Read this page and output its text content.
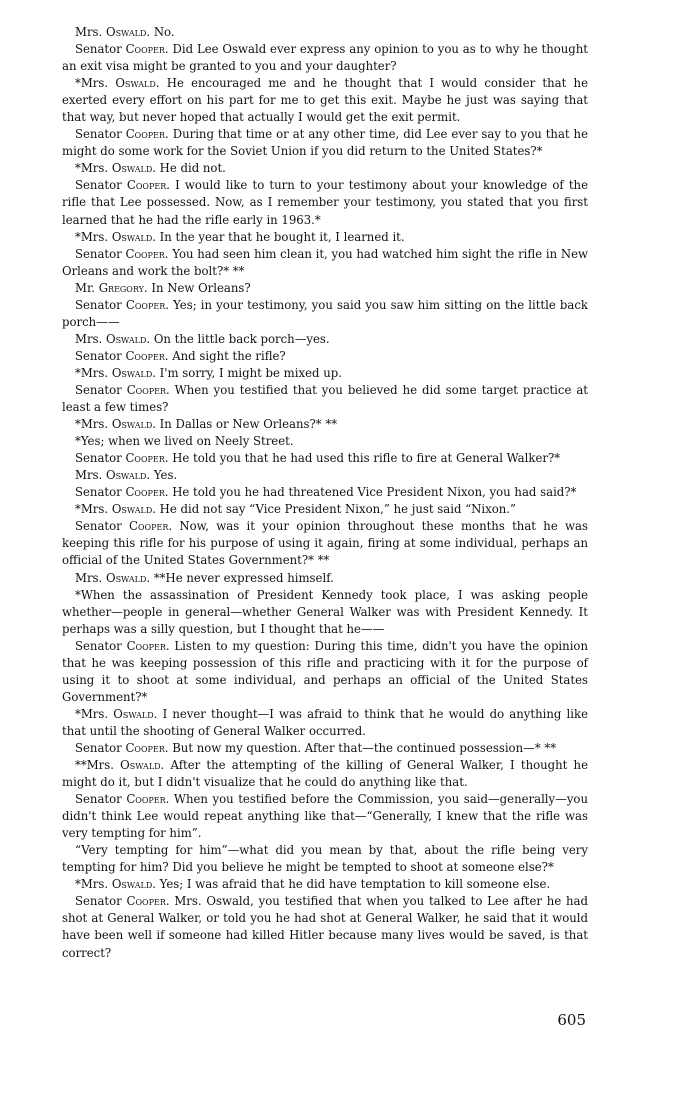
Mrs. Oswald. No.

Senator Cooper. Did Lee Oswald ever express any opinion to you as to why he thought an exit visa might be granted to you and your daughter?

*Mrs. Oswald. He encouraged me and he thought that I would consider that he exerted every effort on his part for me to get this exit. Maybe he just was saying that that way, but never hoped that actually I would get the exit permit.

Senator Cooper. During that time or at any other time, did Lee ever say to you that he might do some work for the Soviet Union if you did return to the United States?*

*Mrs. Oswald. He did not.

Senator Cooper. I would like to turn to your testimony about your knowledge of the rifle that Lee possessed. Now, as I remember your testimony, you stated that you first learned that he had the rifle early in 1963.*

*Mrs. Oswald. In the year that he bought it, I learned it.

Senator Cooper. You had seen him clean it, you had watched him sight the rifle in New Orleans and work the bolt?* **

Mr. Gregory. In New Orleans?

Senator Cooper. Yes; in your testimony, you said you saw him sitting on the little back porch——

Mrs. Oswald. On the little back porch—yes.

Senator Cooper. And sight the rifle?

*Mrs. Oswald. I'm sorry, I might be mixed up.

Senator Cooper. When you testified that you believed he did some target practice at least a few times?

*Mrs. Oswald. In Dallas or New Orleans?* **

*Yes; when we lived on Neely Street.

Senator Cooper. He told you that he had used this rifle to fire at General Walker?*

Mrs. Oswald. Yes.

Senator Cooper. He told you he had threatened Vice President Nixon, you had said?*

*Mrs. Oswald. He did not say “Vice President Nixon,” he just said “Nixon.”

Senator Cooper. Now, was it your opinion throughout these months that he was keeping this rifle for his purpose of using it again, firing at some individual, perhaps an official of the United States Government?* **

Mrs. Oswald. **He never expressed himself.

*When the assassination of President Kennedy took place, I was asking people whether—people in general—whether General Walker was with President Kennedy. It perhaps was a silly question, but I thought that he——

Senator Cooper. Listen to my question: During this time, didn't you have the opinion that he was keeping possession of this rifle and practicing with it for the purpose of using it to shoot at some individual, and perhaps an official of the United States Government?*

*Mrs. Oswald. I never thought—I was afraid to think that he would do anything like that until the shooting of General Walker occurred.

Senator Cooper. But now my question. After that—the continued possession—* **

**Mrs. Oswald. After the attempting of the killing of General Walker, I thought he might do it, but I didn't visualize that he could do anything like that.

Senator Cooper. When you testified before the Commission, you said—generally—you didn't think Lee would repeat anything like that—“Generally, I knew that the rifle was very tempting for him”.

“Very tempting for him”—what did you mean by that, about the rifle being very tempting for him? Did you believe he might be tempted to shoot at someone else?*

*Mrs. Oswald. Yes; I was afraid that he did have temptation to kill someone else.

Senator Cooper. Mrs. Oswald, you testified that when you talked to Lee after he had shot at General Walker, or told you he had shot at General Walker, he said that it would have been well if someone had killed Hitler because many lives would be saved, is that correct?

605
